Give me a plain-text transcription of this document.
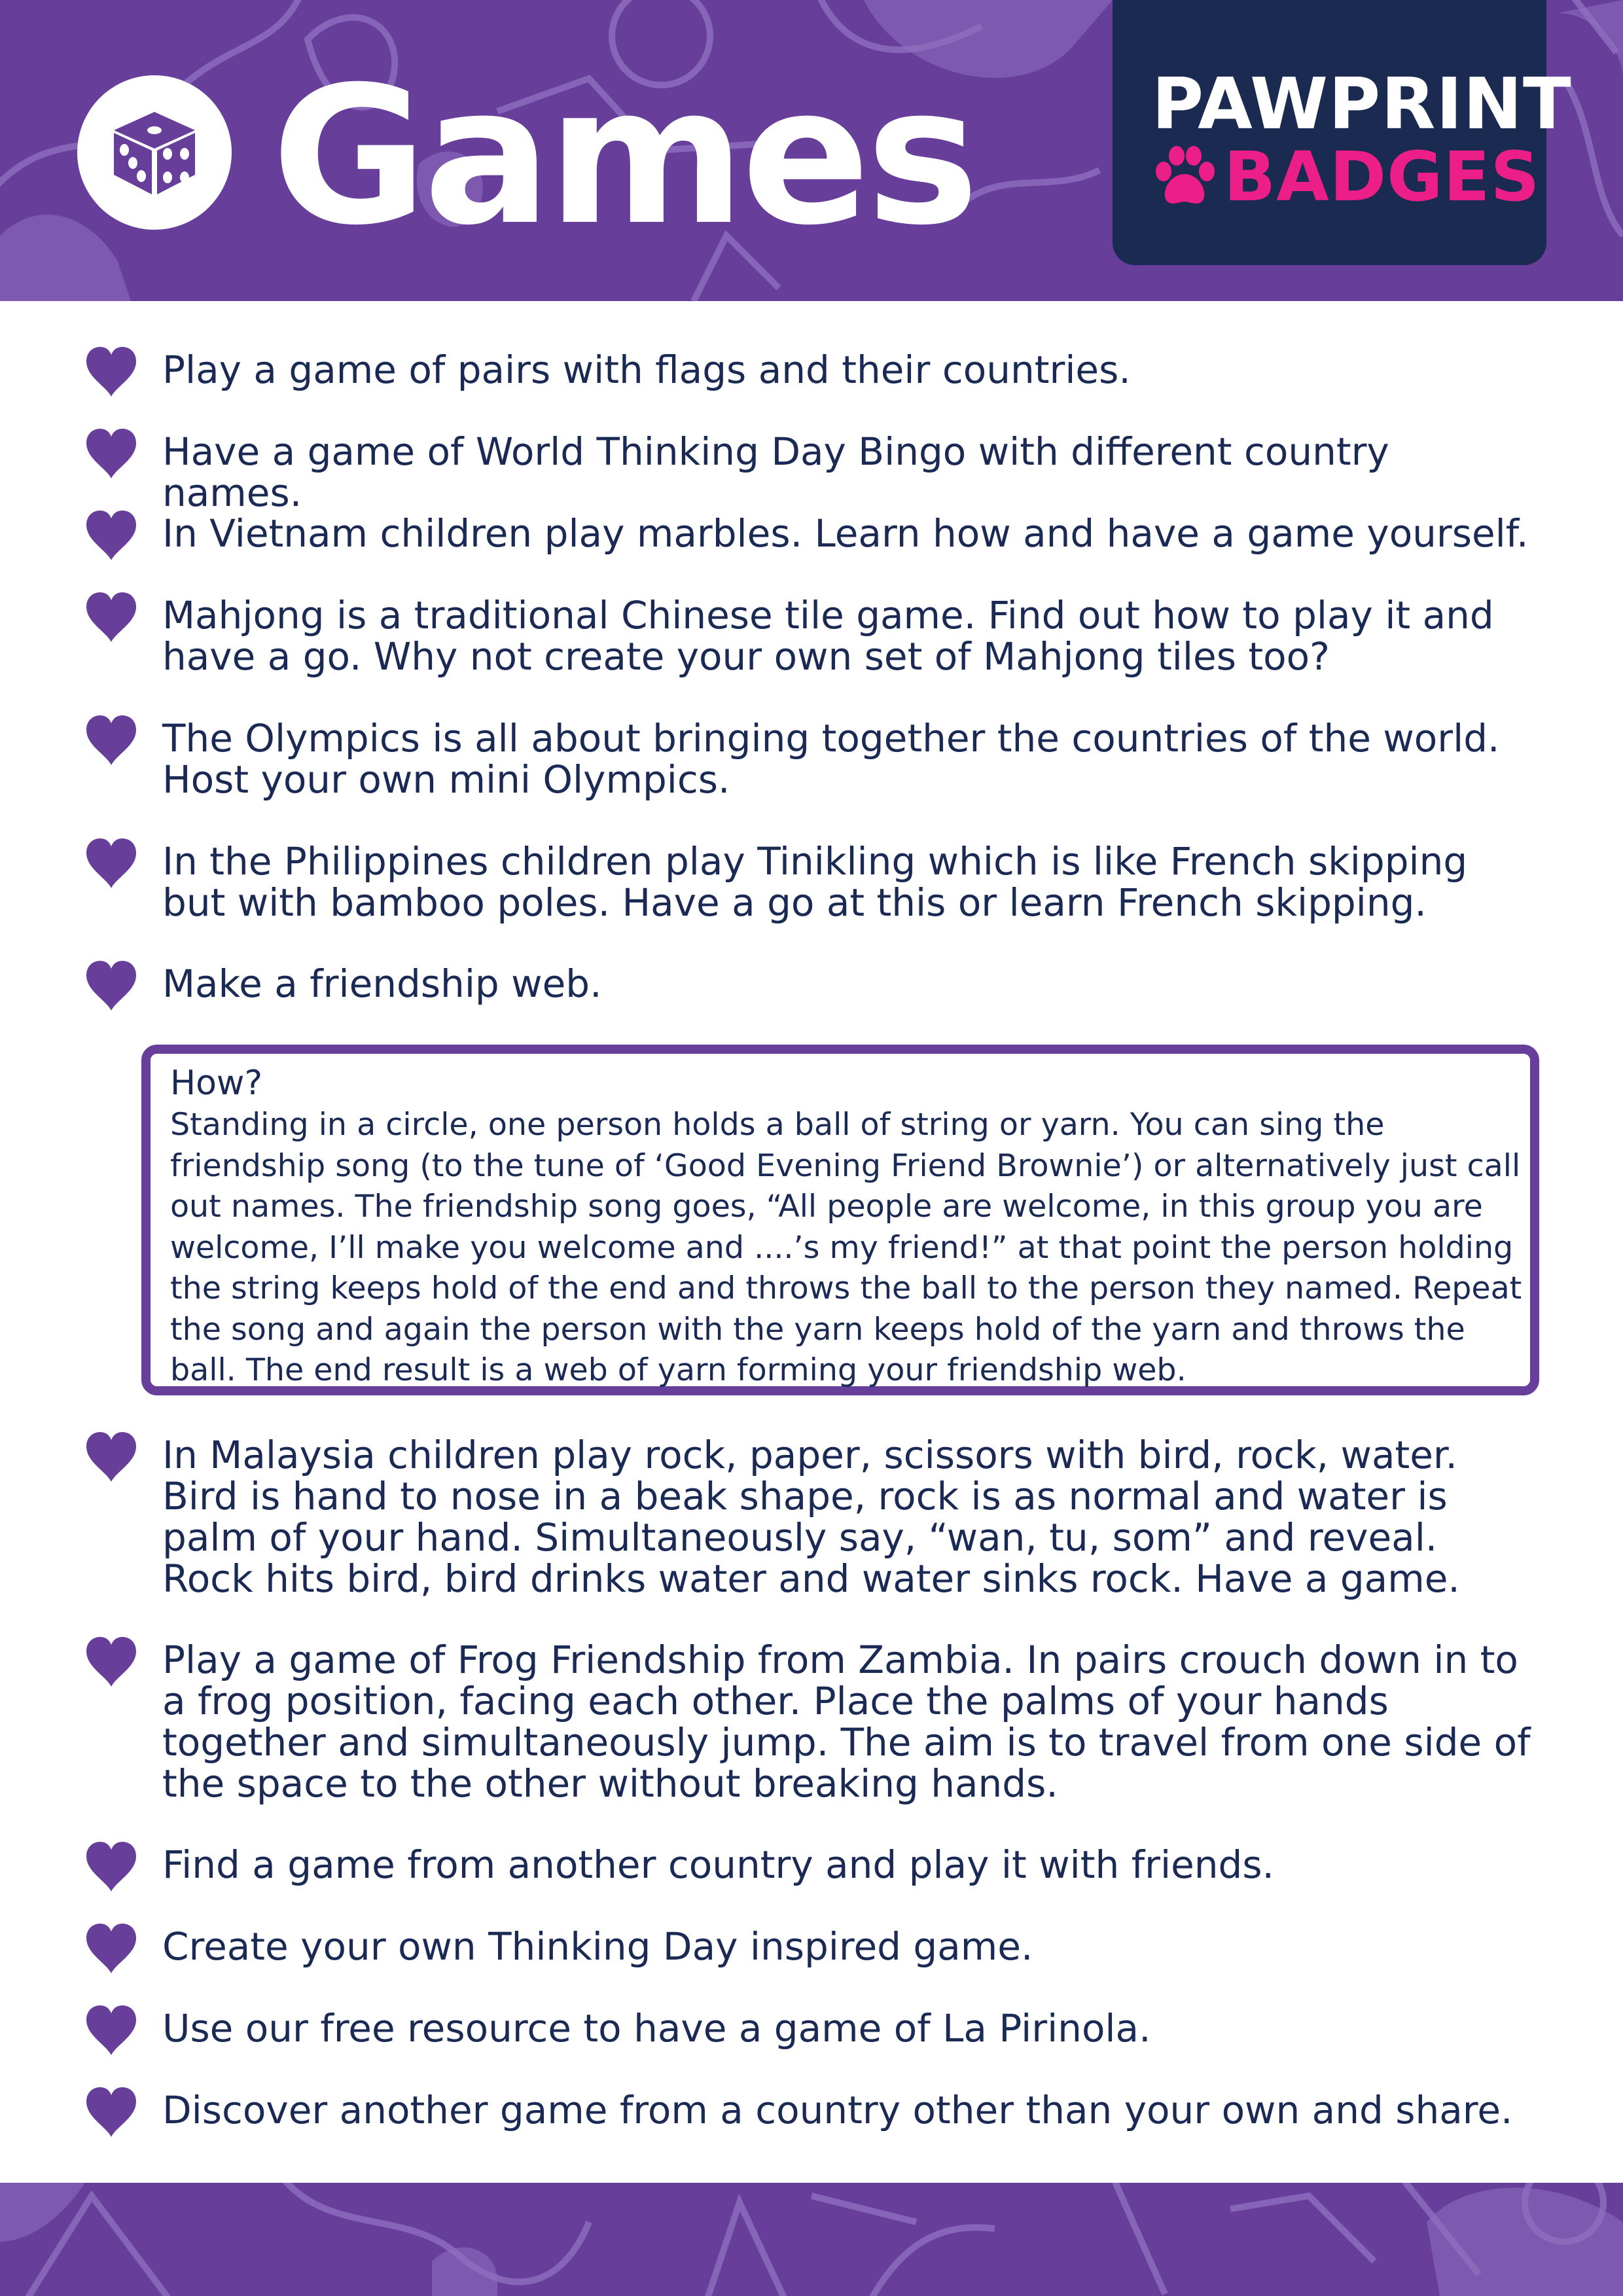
Games PAWPRINT
BADGES
Play a game of pairs with flags and their countries.
Have a game of World Thinking Day Bingo with different country names.
In Vietnam children play marbles. Learn how and have a game yourself.
Mahjong is a traditional Chinese tile game. Find out how to play it and have a go. Why not create your own set of Mahjong tiles too?
The Olympics is all about bringing together the countries of the world. Host your own mini Olympics.
In the Philippines children play Tinikling which is like French skipping but with bamboo poles. Have a go at this or learn French skipping.
Make a friendship web.
How?
Standing in a circle, one person holds a ball of string or yarn. You can sing the friendship song (to the tune of ‘Good Evening Friend Brownie’) or alternatively just call out names. The friendship song goes, “All people are welcome, in this group you are welcome, I’ll make you welcome and ....’s my friend!” at that point the person holding the string keeps hold of the end and throws the ball to the person they named. Repeat the song and again the person with the yarn keeps hold of the yarn and throws the ball. The end result is a web of yarn forming your friendship web.
In Malaysia children play rock, paper, scissors with bird, rock, water. Bird is hand to nose in a beak shape, rock is as normal and water is palm of your hand. Simultaneously say, “wan, tu, som” and reveal. Rock hits bird, bird drinks water and water sinks rock. Have a game.
Play a game of Frog Friendship from Zambia. In pairs crouch down in to a frog position, facing each other. Place the palms of your hands together and simultaneously jump. The aim is to travel from one side of the space to the other without breaking hands.
Find a game from another country and play it with friends.
Create your own Thinking Day inspired game.
Use our free resource to have a game of La Pirinola.
Discover another game from a country other than your own and share.
